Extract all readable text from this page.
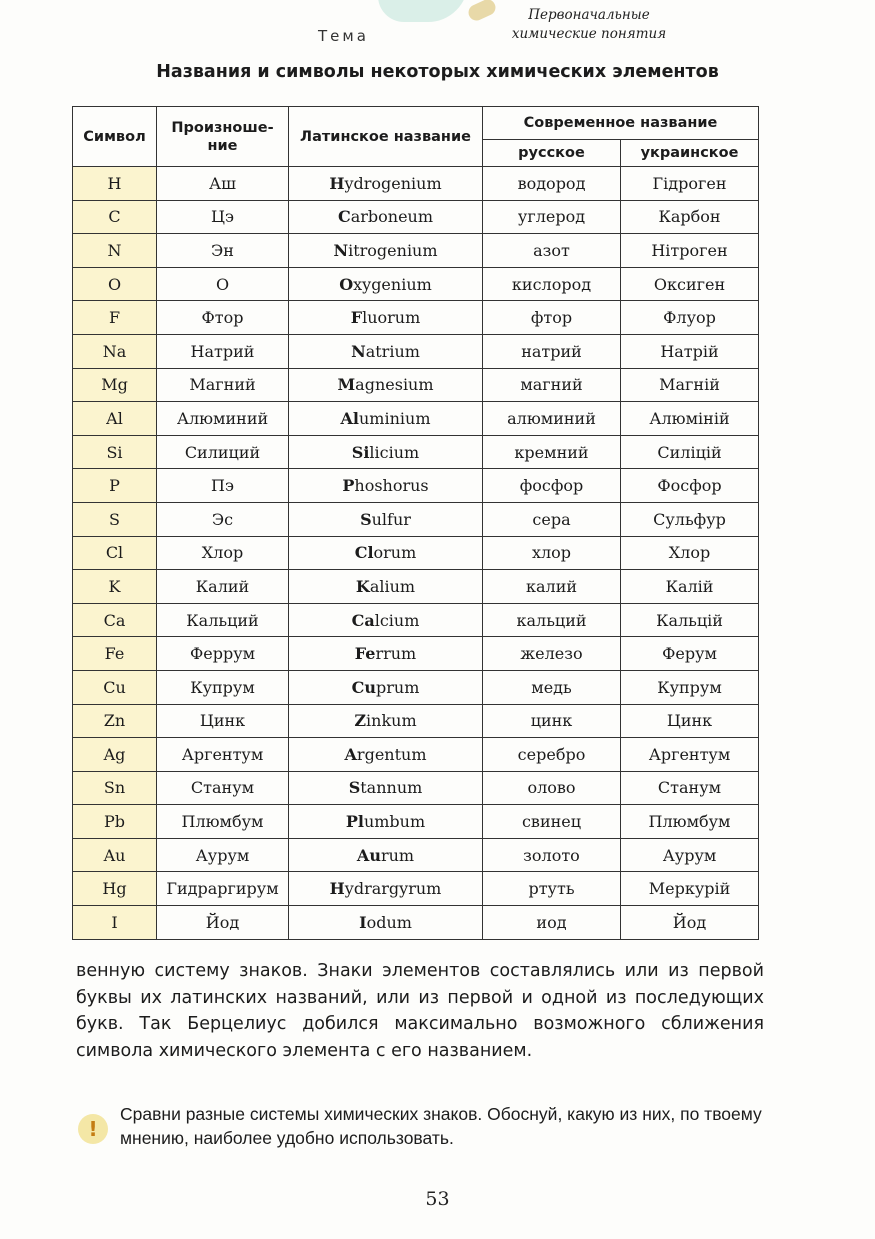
Тема
Первоначальные
химические понятия
Названия и символы некоторых химических элементов
Символ	Произноше-ние	Латинское название	Современное название	
			русское	украинское
H	Аш	Hydrogenium	водород	Гідроген
C	Цэ	Carboneum	углерод	Карбон
N	Эн	Nitrogenium	азот	Нітроген
O	О	Oxygenium	кислород	Оксиген
F	Фтор	Fluorum	фтор	Флуор
Na	Натрий	Natrium	натрий	Натрій
Mg	Магний	Magnesium	магний	Магній
Al	Алюминий	Aluminium	алюминий	Алюміній
Si	Силиций	Silicium	кремний	Силіцій
P	Пэ	Phoshorus	фосфор	Фосфор
S	Эс	Sulfur	сера	Сульфур
Cl	Хлор	Clorum	хлор	Хлор
K	Калий	Kalium	калий	Калій
Ca	Кальций	Calcium	кальций	Кальцій
Fe	Феррум	Ferrum	железо	Ферум
Cu	Купрум	Cuprum	медь	Купрум
Zn	Цинк	Zinkum	цинк	Цинк
Ag	Аргентум	Argentum	серебро	Аргентум
Sn	Станум	Stannum	олово	Станум
Pb	Плюмбум	Plumbum	свинец	Плюмбум
Au	Аурум	Aurum	золото	Аурум
Hg	Гидраргирум	Hydrargyrum	ртуть	Меркурій
I	Йод	Iodum	иод	Йод
венную систему знаков. Знаки элементов составлялись или из первой буквы их латинских названий, или из первой и одной из последующих букв. Так Берцелиус добился максимально возможного сближения символа химического элемента с его названием.
!
Сравни разные системы химических знаков. Обоснуй, какую из них, по твоему мнению, наиболее удобно использовать.
53
